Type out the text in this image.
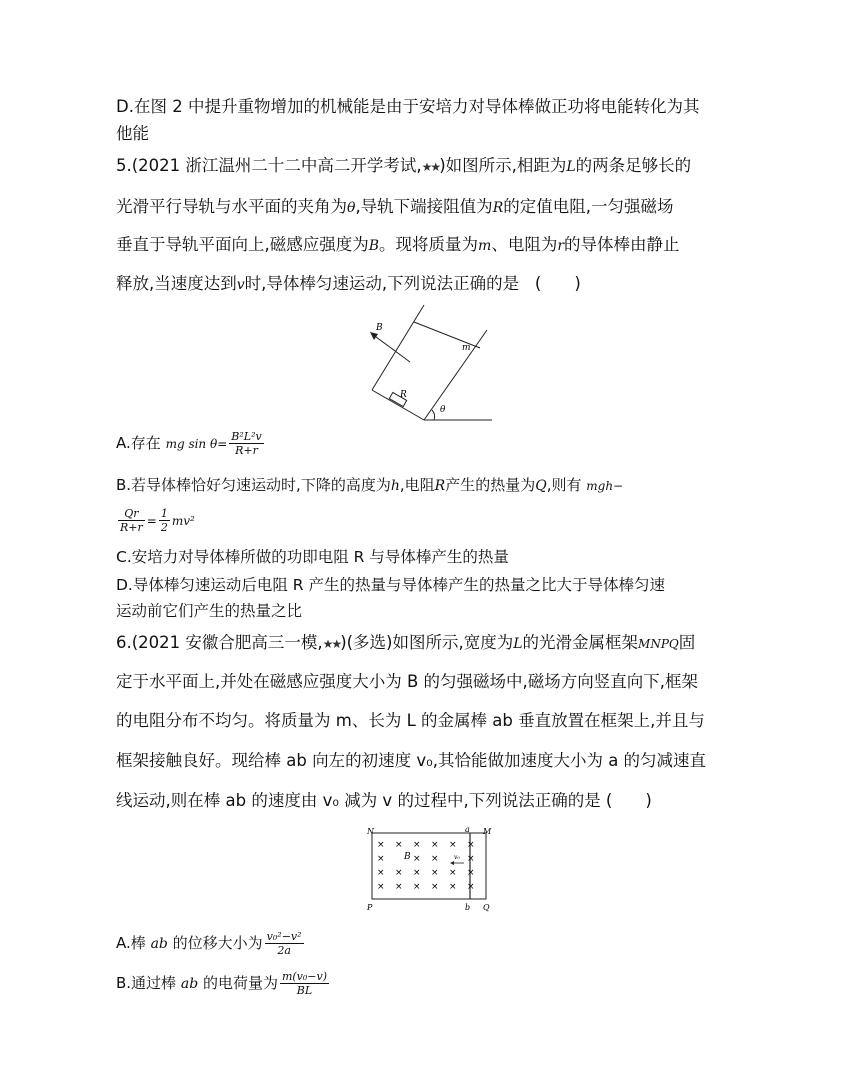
D.在图 2 中提升重物增加的机械能是由于安培力对导体棒做正功将电能转化为其
他能
5.(2021 浙江温州二十二中高二开学考试,★★)如图所示,相距为L的两条足够长的
光滑平行导轨与水平面的夹角为θ,导轨下端接阻值为R的定值电阻,一匀强磁场
垂直于导轨平面向上,磁感应强度为B。现将质量为m、电阻为r的导体棒由静止
释放,当速度达到v时,导体棒匀速运动,下列说法正确的是 (　　)
R
m
B
θ
A.存在 mg $\sin \theta= \frac{\text{B²L²v}}{R+r}$
B.若导体棒恰好匀速运动时,下降的高度为h,电阻R产生的热量为Q,则有 mgh−
$\frac{Qr}{R+r} = \frac{1}{2} mv^2$
C.安培力对导体棒所做的功即电阻 R 与导体棒产生的热量
D.导体棒匀速运动后电阻 R 产生的热量与导体棒产生的热量之比大于导体棒匀速
运动前它们产生的热量之比
6.(2021 安徽合肥高三一模,★★)(多选)如图所示,宽度为L的光滑金属框架MNPQ固
定于水平面上,并处在磁感应强度大小为 B 的匀强磁场中,磁场方向竖直向下,框架
的电阻分布不均匀。将质量为 m、长为 L 的金属棒 ab 垂直放置在框架上,并且与
框架接触良好。现给棒 ab 向左的初速度 v₀,其恰能做加速度大小为 a 的匀减速直
线运动,则在棒 ab 的速度由 v₀ 减为 v 的过程中,下列说法正确的是 (　　)
N	a M
P	b Q
B	v₀
× × × × × ×
×	× ×	×
× × × × × ×
× × × × × ×
A.棒 ab 的位移大小为 $\frac{\text{v₀²−v²}}{2a}$
B.通过棒 ab 的电荷量为 $\frac{\text{m(v₀−v)}}{BL}$
